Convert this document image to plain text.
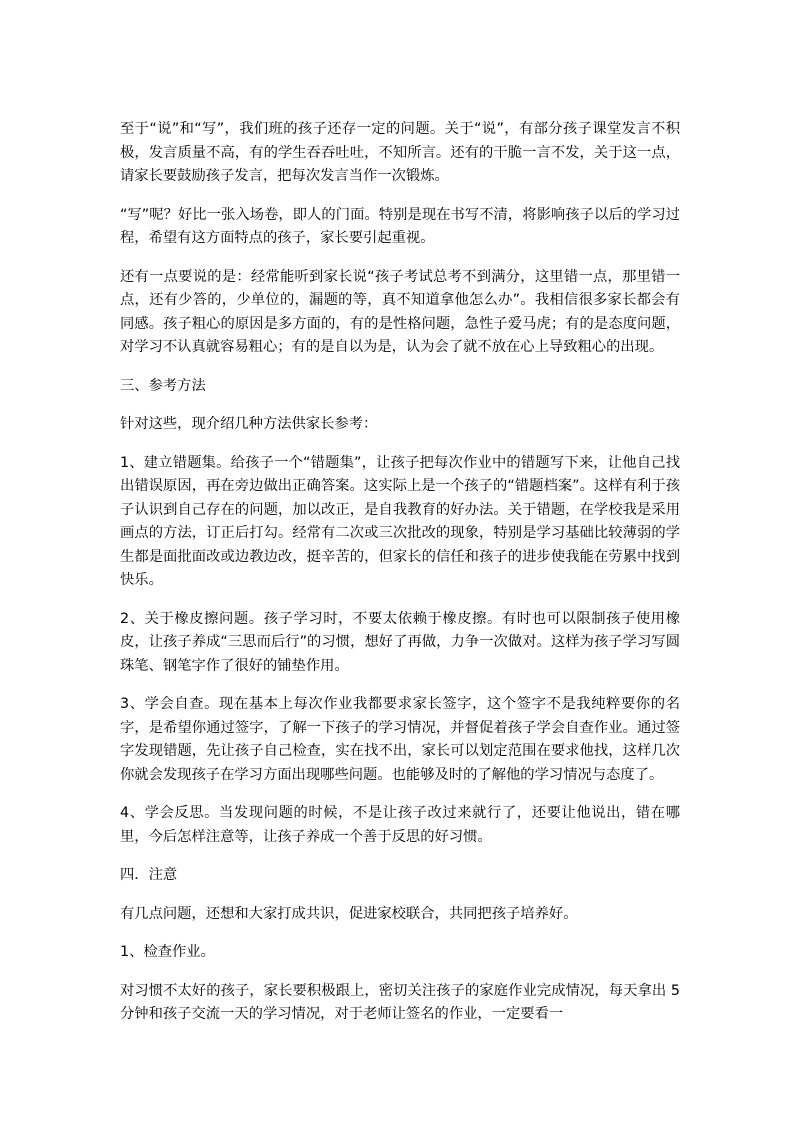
至于“说”和“写”，我们班的孩子还存一定的问题。关于“说”，有部分孩子课堂发言不积极，发言质量不高，有的学生吞吞吐吐，不知所言。还有的干脆一言不发，关于这一点，请家长要鼓励孩子发言，把每次发言当作一次锻炼。

“写”呢？好比一张入场卷，即人的门面。特别是现在书写不清，将影响孩子以后的学习过程，希望有这方面特点的孩子，家长要引起重视。

还有一点要说的是：经常能听到家长说“孩子考试总考不到满分，这里错一点，那里错一点，还有少答的，少单位的，漏题的等，真不知道拿他怎么办”。我相信很多家长都会有同感。孩子粗心的原因是多方面的，有的是性格问题，急性子爱马虎；有的是态度问题，对学习不认真就容易粗心；有的是自以为是，认为会了就不放在心上导致粗心的出现。

三、参考方法

针对这些，现介绍几种方法供家长参考：

1、建立错题集。给孩子一个“错题集”，让孩子把每次作业中的错题写下来，让他自己找出错误原因，再在旁边做出正确答案。这实际上是一个孩子的“错题档案”。这样有利于孩子认识到自己存在的问题，加以改正，是自我教育的好办法。关于错题，在学校我是采用画点的方法，订正后打勾。经常有二次或三次批改的现象，特别是学习基础比较薄弱的学生都是面批面改或边教边改，挺辛苦的，但家长的信任和孩子的进步使我能在劳累中找到快乐。

2、关于橡皮擦问题。孩子学习时，不要太依赖于橡皮擦。有时也可以限制孩子使用橡皮，让孩子养成“三思而后行”的习惯，想好了再做，力争一次做对。这样为孩子学习写圆珠笔、钢笔字作了很好的铺垫作用。

3、学会自查。现在基本上每次作业我都要求家长签字，这个签字不是我纯粹要你的名字，是希望你通过签字，了解一下孩子的学习情况，并督促着孩子学会自查作业。通过签字发现错题，先让孩子自己检查，实在找不出，家长可以划定范围在要求他找，这样几次你就会发现孩子在学习方面出现哪些问题。也能够及时的了解他的学习情况与态度了。

4、学会反思。当发现问题的时候，不是让孩子改过来就行了，还要让他说出，错在哪里，今后怎样注意等，让孩子养成一个善于反思的好习惯。

四．注意

有几点问题，还想和大家打成共识，促进家校联合，共同把孩子培养好。

1、检查作业。

对习惯不太好的孩子，家长要积极跟上，密切关注孩子的家庭作业完成情况，每天拿出 5 分钟和孩子交流一天的学习情况，对于老师让签名的作业，一定要看一
